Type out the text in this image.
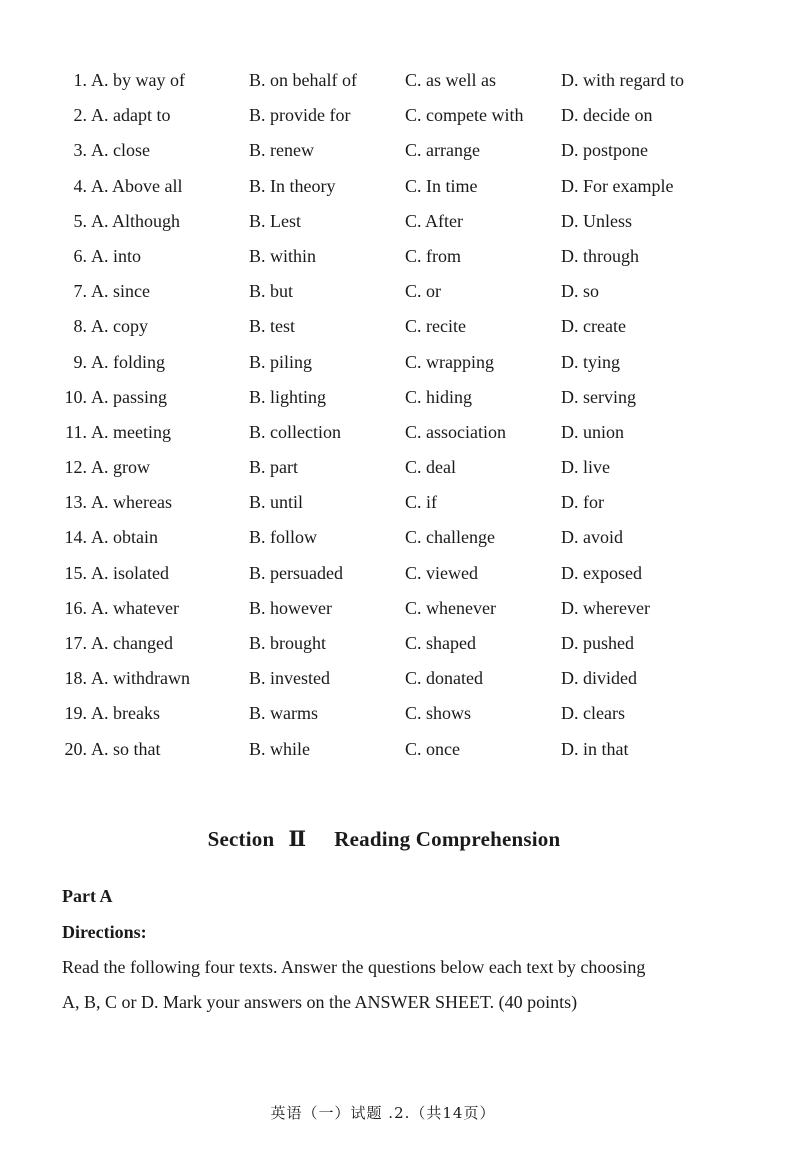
1. A. by way of	B. on behalf of	C. as well as	D. with regard to
2. A. adapt to	B. provide for	C. compete with D. decide on
3. A. close	B. renew	C. arrange	D. postpone
4. A. Above all	B. In theory	C. In time	D. For example
5. A. Although	B. Lest	C. After	D. Unless
6. A. into	B. within	C. from	D. through
7. A. since	B. but	C. or	D. so
8. A. copy	B. test	C. recite	D. create
9. A. folding	B. piling	C. wrapping	D. tying
10. A. passing	B. lighting	C. hiding	D. serving
11. A. meeting	B. collection	C. association	D. union
12. A. grow	B. part	C. deal	D. live
13. A. whereas	B. until	C. if	D. for
14. A. obtain	B. follow	C. challenge	D. avoid
15. A. isolated	B. persuaded	C. viewed	D. exposed
16. A. whatever	B. however	C. whenever	D. wherever
17. A. changed	B. brought	C. shaped	D. pushed
18. A. withdrawn	B. invested	C. donated	D. divided
19. A. breaks	B. warms	C. shows	D. clears
20. A. so that	B. while	C. once	D. in that
Section Ⅱ Reading Comprehension
Part A
Directions:
Read the following four texts. Answer the questions below each text by choosing
A, B, C or D. Mark your answers on the ANSWER SHEET. (40 points)
英语（一）试题 .2.（共14页）
